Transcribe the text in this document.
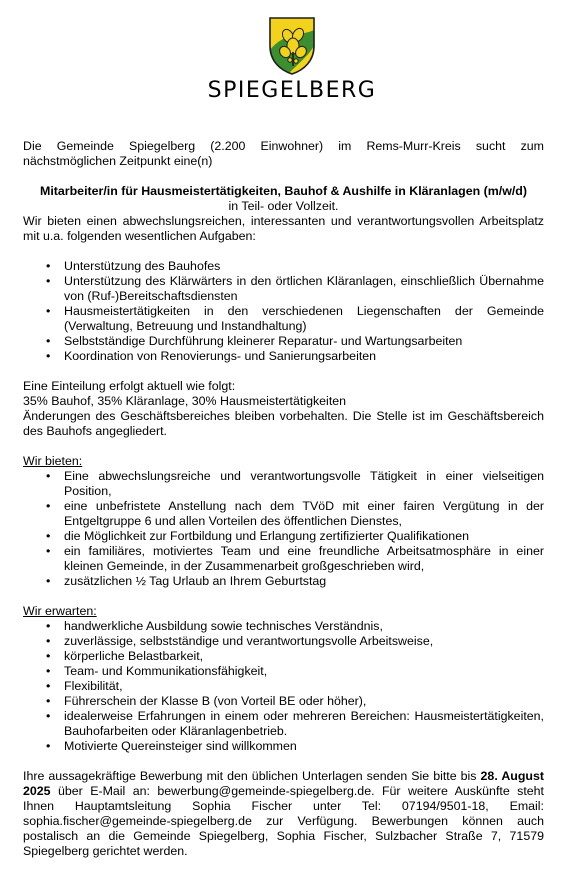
SPIEGELBERG

Die Gemeinde Spiegelberg (2.200 Einwohner) im Rems-Murr-Kreis sucht zum nächstmöglichen Zeitpunkt eine(n)

Mitarbeiter/in für Hausmeistertätigkeiten, Bauhof & Aushilfe in Kläranlagen (m/w/d)

in Teil- oder Vollzeit.

Wir bieten einen abwechslungsreichen, interessanten und verantwortungsvollen Arbeitsplatz mit u.a. folgenden wesentlichen Aufgaben:

• Unterstützung des Bauhofes
• Unterstützung des Klärwärters in den örtlichen Kläranlagen, einschließlich Übernahme von (Ruf-)Bereitschaftsdiensten
• Hausmeistertätigkeiten in den verschiedenen Liegenschaften der Gemeinde (Verwaltung, Betreuung und Instandhaltung)
• Selbstständige Durchführung kleinerer Reparatur- und Wartungsarbeiten
• Koordination von Renovierungs- und Sanierungsarbeiten

Eine Einteilung erfolgt aktuell wie folgt:

35% Bauhof, 35% Kläranlage, 30% Hausmeistertätigkeiten

Änderungen des Geschäftsbereiches bleiben vorbehalten. Die Stelle ist im Geschäftsbereich des Bauhofs angegliedert.

Wir bieten:

• Eine abwechslungsreiche und verantwortungsvolle Tätigkeit in einer vielseitigen Position,
• eine unbefristete Anstellung nach dem TVöD mit einer fairen Vergütung in der Entgeltgruppe 6 und allen Vorteilen des öffentlichen Dienstes,
• die Möglichkeit zur Fortbildung und Erlangung zertifizierter Qualifikationen
• ein familiäres, motiviertes Team und eine freundliche Arbeitsatmosphäre in einer kleinen Gemeinde, in der Zusammenarbeit großgeschrieben wird,
• zusätzlichen ½ Tag Urlaub an Ihrem Geburtstag

Wir erwarten:

• handwerkliche Ausbildung sowie technisches Verständnis,
• zuverlässige, selbstständige und verantwortungsvolle Arbeitsweise,
• körperliche Belastbarkeit,
• Team- und Kommunikationsfähigkeit,
• Flexibilität,
• Führerschein der Klasse B (von Vorteil BE oder höher),
• idealerweise Erfahrungen in einem oder mehreren Bereichen: Hausmeistertätigkeiten, Bauhofarbeiten oder Kläranlagenbetrieb.
• Motivierte Quereinsteiger sind willkommen

Ihre aussagekräftige Bewerbung mit den üblichen Unterlagen senden Sie bitte bis 28. August 2025 über E-Mail an: bewerbung@gemeinde-spiegelberg.de. Für weitere Auskünfte steht Ihnen Hauptamtsleitung Sophia Fischer unter Tel: 07194/9501-18, Email: sophia.fischer@gemeinde-spiegelberg.de zur Verfügung. Bewerbungen können auch postalisch an die Gemeinde Spiegelberg, Sophia Fischer, Sulzbacher Straße 7, 71579 Spiegelberg gerichtet werden.
